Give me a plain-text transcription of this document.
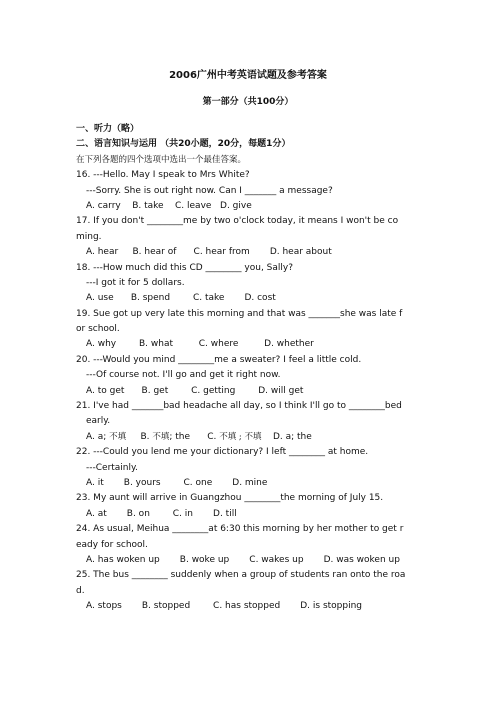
2006广州中考英语试题及参考答案
第一部分（共100分）
一、听力（略）
二、语言知识与运用 （共20小题，20分，每题1分）
在下列各题的四个选项中选出一个最佳答案。
16. ---Hello. May I speak to Mrs White?
---Sorry. She is out right now. Can I _______ a message?
A. carry    B. take    C. leave   D. give
17. If you don't ________me by two o'clock today, it means I won't be co
ming.
A. hear     B. hear of      C. hear from       D. hear about
18. ---How much did this CD ________ you, Sally?
---I got it for 5 dollars.
A. use      B. spend        C. take       D. cost
19. Sue got up very late this morning and that was _______she was late f
or school.
A. why        B. what         C. where         D. whether
20. ---Would you mind ________me a sweater? I feel a little cold.
---Of course not. I'll go and get it right now.
A. to get      B. get        C. getting        D. will get
21. I've had _______bad headache all day, so I think I'll go to ________bed
early.
A. a; 不填     B. 不填; the      C. 不填 ; 不填    D. a; the
22. ---Could you lend me your dictionary? I left ________ at home.
---Certainly.
A. it       B. yours        C. one       D. mine
23. My aunt will arrive in Guangzhou ________the morning of July 15.
A. at       B. on        C. in       D. till
24. As usual, Meihua ________at 6:30 this morning by her mother to get r
eady for school.
A. has woken up       B. woke up       C. wakes up       D. was woken up
25. The bus ________ suddenly when a group of students ran onto the roa
d.
A. stops       B. stopped        C. has stopped       D. is stopping
